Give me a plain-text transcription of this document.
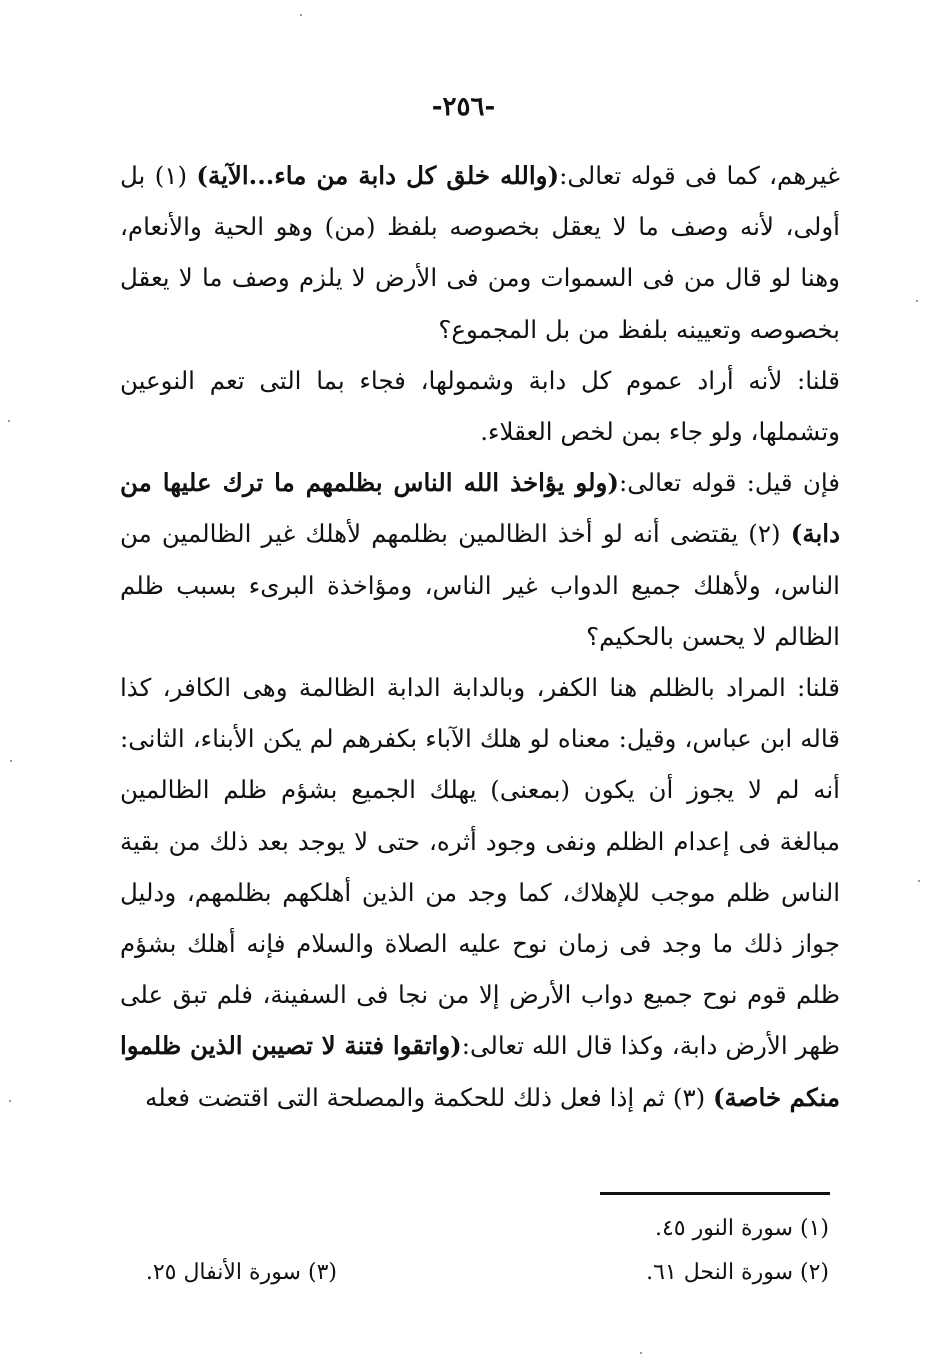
-٢٥٦-

غيرهم، كما فى قوله تعالى:(والله خلق كل دابة من ماء...الآية) (١) بل أولى، لأنه وصف ما لا يعقل بخصوصه بلفظ (من) وهو الحية والأنعام، وهنا لو قال من فى السموات ومن فى الأرض لا يلزم وصف ما لا يعقل بخصوصه وتعيينه بلفظ من بل المجموع؟

قلنا: لأنه أراد عموم كل دابة وشمولها، فجاء بما التى تعم النوعين وتشملها، ولو جاء بمن لخص العقلاء.

فإن قيل: قوله تعالى:(ولو يؤاخذ الله الناس بظلمهم ما ترك عليها من دابة) (٢) يقتضى أنه لو أخذ الظالمين بظلمهم لأهلك غير الظالمين من الناس، ولأهلك جميع الدواب غير الناس، ومؤاخذة البرىء بسبب ظلم الظالم لا يحسن بالحكيم؟

قلنا: المراد بالظلم هنا الكفر، وبالدابة الدابة الظالمة وهى الكافر، كذا قاله ابن عباس، وقيل: معناه لو هلك الآباء بكفرهم لم يكن الأبناء، الثانى: أنه لم لا يجوز أن يكون (بمعنى) يهلك الجميع بشؤم ظلم الظالمين مبالغة فى إعدام الظلم ونفى وجود أثره، حتى لا يوجد بعد ذلك من بقية الناس ظلم موجب للإهلاك، كما وجد من الذين أهلكهم بظلمهم، ودليل جواز ذلك ما وجد فى زمان نوح عليه الصلاة والسلام فإنه أهلك بشؤم ظلم قوم نوح جميع دواب الأرض إلا من نجا فى السفينة، فلم تبق على ظهر الأرض دابة، وكذا قال الله تعالى:(واتقوا فتنة لا تصيبن الذين ظلموا منكم خاصة) (٣) ثم إذا فعل ذلك للحكمة والمصلحة التى اقتضت فعله

(١) سورة النور ٤٥.
(٢) سورة النحل ٦١.
(٣) سورة الأنفال ٢٥.
